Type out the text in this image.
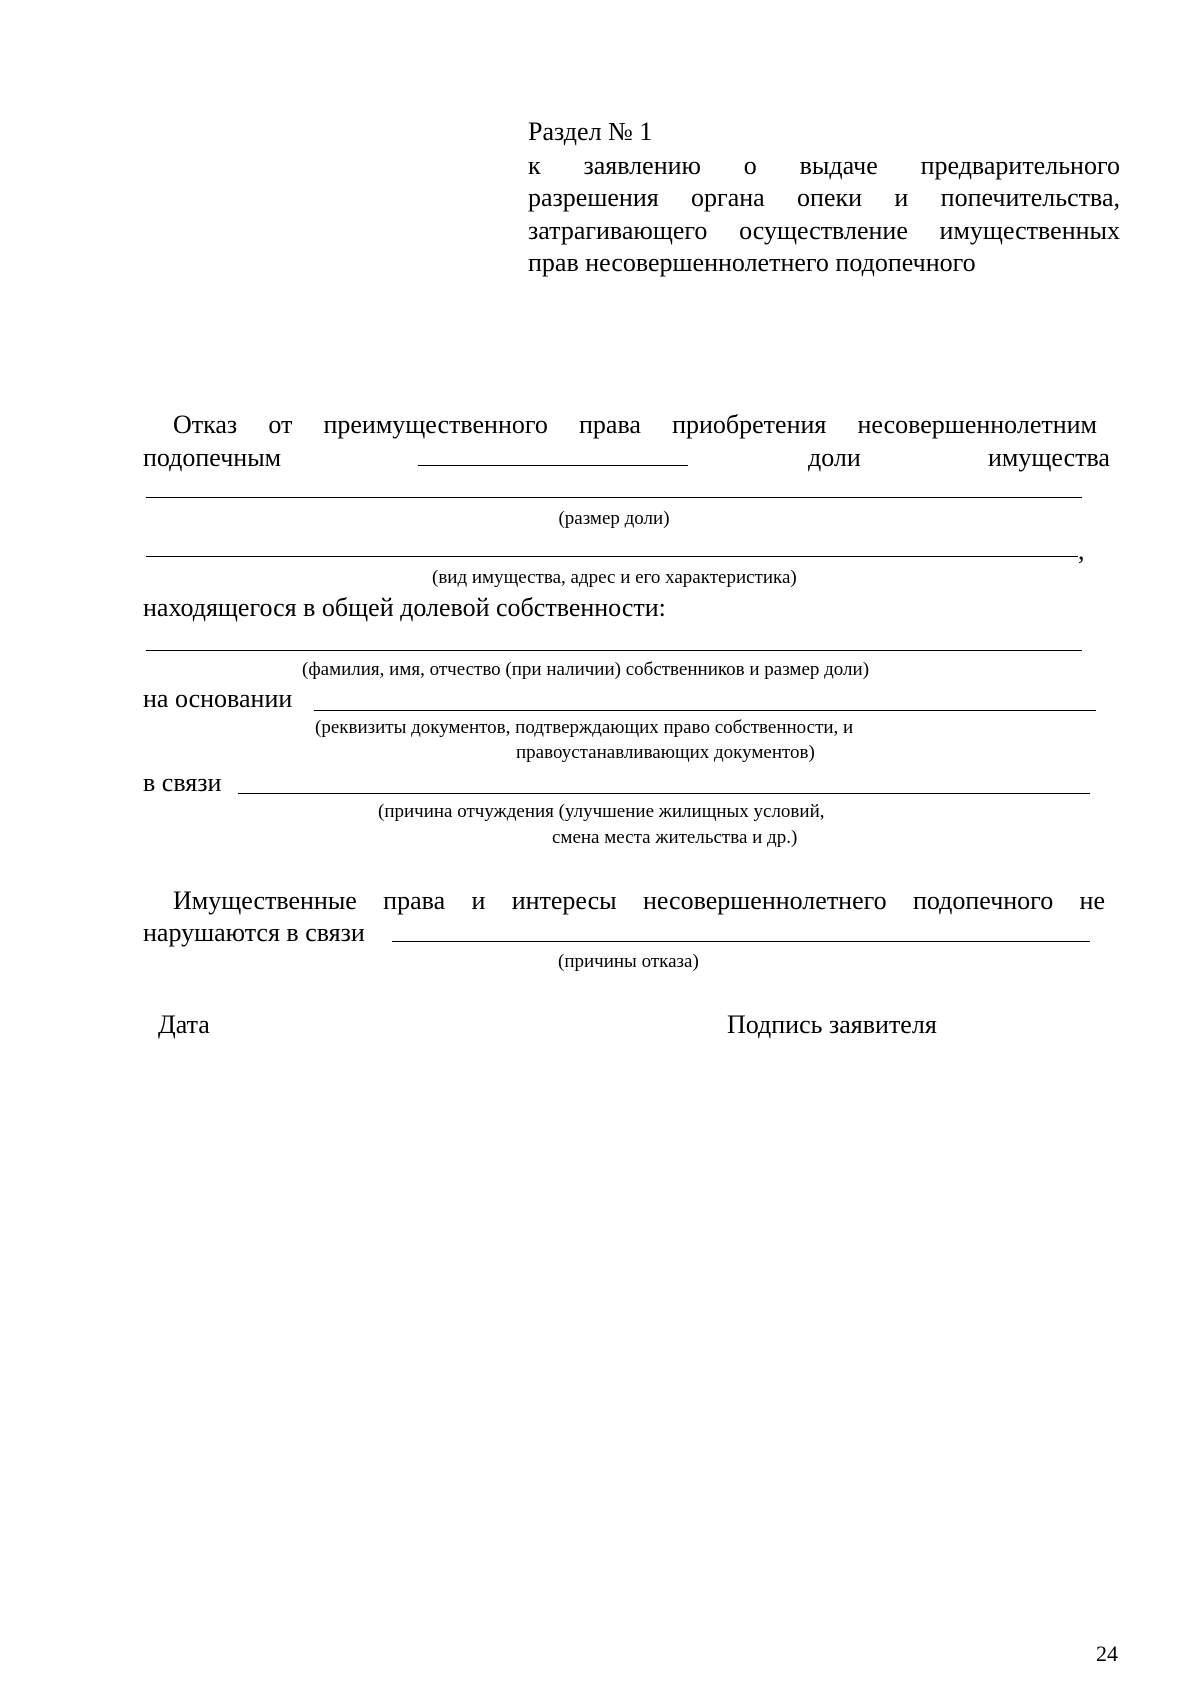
Раздел № 1
к заявлению о выдаче предварительного
разрешения органа опеки и попечительства,
затрагивающего осуществление имущественных
прав несовершеннолетнего подопечного
Отказ от преимущественного права приобретения несовершеннолетним
подопечным	доли	имущества
(размер доли)
,
(вид имущества, адрес и его характеристика)
находящегося в общей долевой собственности:
(фамилия, имя, отчество (при наличии) собственников и размер доли)
на основании
(реквизиты документов, подтверждающих право собственности, и
правоустанавливающих документов)
в связи
(причина отчуждения (улучшение жилищных условий,
смена места жительства и др.)
Имущественные права и интересы несовершеннолетнего подопечного не
нарушаются в связи
(причины отказа)
Дата	Подпись заявителя
24
